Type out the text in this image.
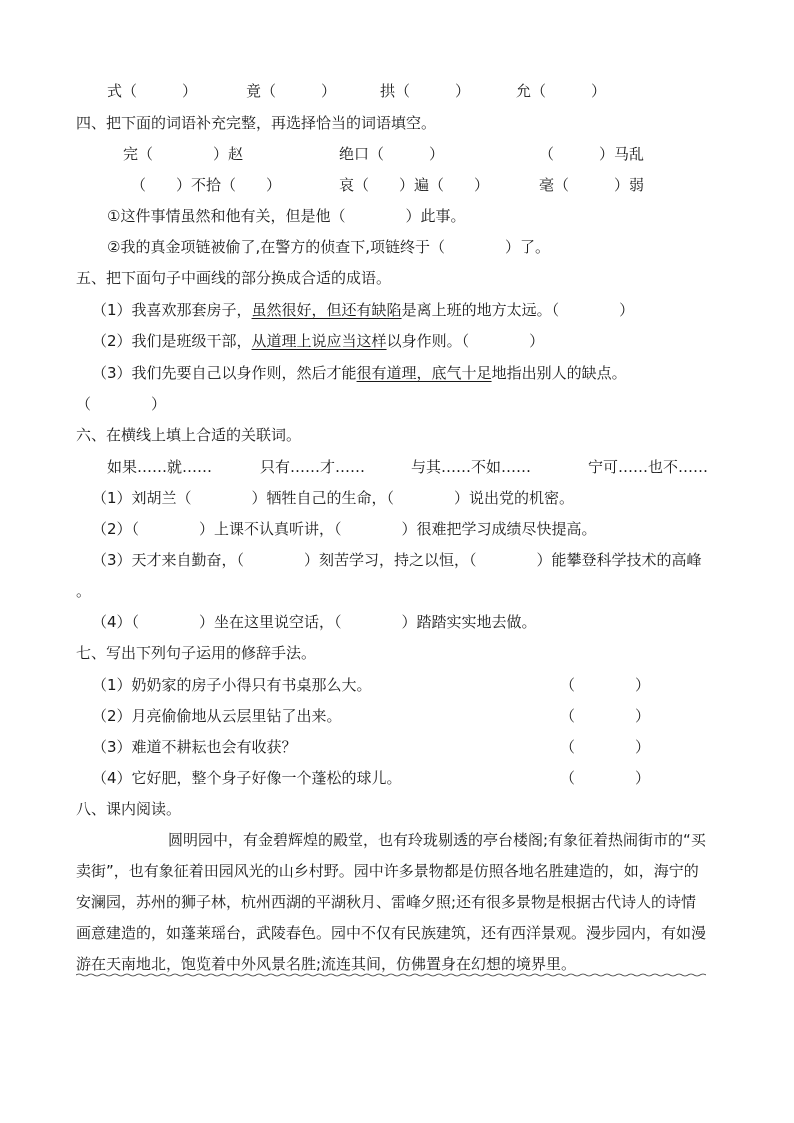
式（　　　）	竟（　　　）	拱（　　　）	允（　　　）
四、把下面的词语补充完整，再选择恰当的词语填空。
完（　　　　）赵	绝口（　　　）	（　　　）马乱
（　　）不拾（　　）	哀（　　）遍（　　）	毫（　　　）弱
①这件事情虽然和他有关，但是他（　　　　）此事。
②我的真金项链被偷了,在警方的侦查下,项链终于（　　　　）了。
五、把下面句子中画线的部分换成合适的成语。
（1）我喜欢那套房子，虽然很好，但还有缺陷是离上班的地方太远。（　　　　）
（2）我们是班级干部，从道理上说应当这样以身作则。（　　　　）
（3）我们先要自己以身作则，然后才能很有道理，底气十足地指出别人的缺点。
（　　　　）
六、在横线上填上合适的关联词。
如果……就……	只有……才……	与其……不如……	宁可……也不……
（1）刘胡兰（　　　　）牺牲自己的生命，（　　　　）说出党的机密。
（2）（　　　　）上课不认真听讲，（　　　　）很难把学习成绩尽快提高。
（3）天才来自勤奋，（　　　　）刻苦学习，持之以恒，（　　　　）能攀登科学技术的高峰
。
（4）（　　　　）坐在这里说空话，（　　　　）踏踏实实地去做。
七、写出下列句子运用的修辞手法。
（1）奶奶家的房子小得只有书桌那么大。	（　　　　）
（2）月亮偷偷地从云层里钻了出来。	（　　　　）
（3）难道不耕耘也会有收获？	（　　　　）
（4）它好肥，整个身子好像一个蓬松的球儿。	（　　　　）
八、课内阅读。
圆明园中，有金碧辉煌的殿堂，也有玲珑剔透的亭台楼阁;有象征着热闹街市的“买卖街”，也有象征着田园风光的山乡村野。园中许多景物都是仿照各地名胜建造的，如，海宁的安澜园，苏州的狮子林，杭州西湖的平湖秋月、雷峰夕照;还有很多景物是根据古代诗人的诗情画意建造的，如蓬莱瑶台，武陵春色。园中不仅有民族建筑，还有西洋景观。漫步园内，有如漫游在天南地北，饱览着中外风景名胜;流连其间，仿佛置身在幻想的境界里。
